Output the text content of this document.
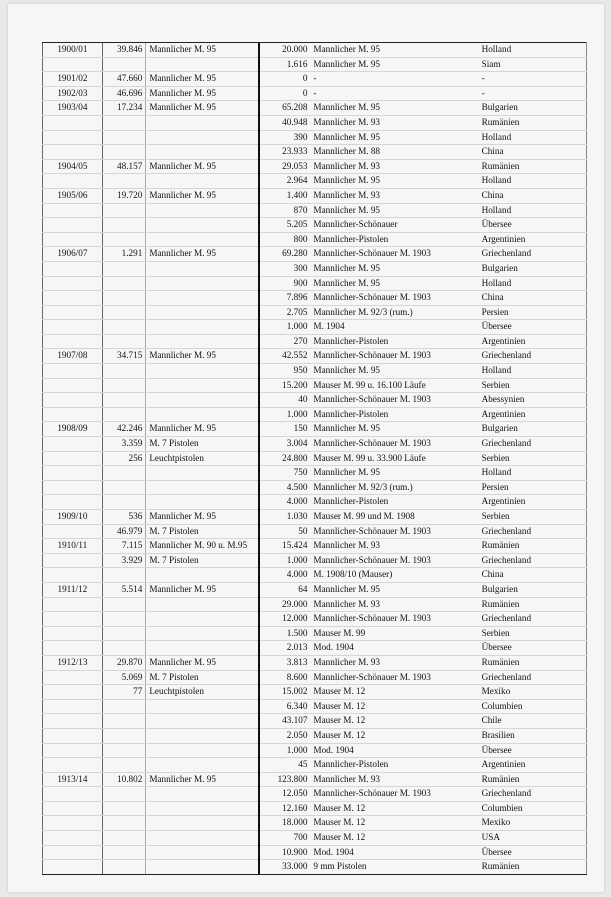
1900/01	39.846	Mannlicher M. 95	20.000	Mannlicher M. 95	Holland
			1.616	Mannlicher M. 95	Siam
1901/02	47.660	Mannlicher M. 95	0	-	-
1902/03	46.696	Mannlicher M. 95	0	-	-
1903/04	17.234	Mannlicher M. 95	65.208	Mannlicher M. 95	Bulgarien
			40.948	Mannlicher M. 93	Rumänien
			390	Mannlicher M. 95	Holland
			23.933	Mannlicher M. 88	China
1904/05	48.157	Mannlicher M. 95	29.053	Mannlicher M. 93	Rumänien
			2.964	Mannlicher M. 95	Holland
1905/06	19.720	Mannlicher M. 95	1.400	Mannlicher M. 93	China
			870	Mannlicher M. 95	Holland
			5.205	Mannlicher-Schönauer	Übersee
			800	Mannlicher-Pistolen	Argentinien
1906/07	1.291	Mannlicher M. 95	69.280	Mannlicher-Schönauer M. 1903	Griechenland
			300	Mannlicher M. 95	Bulgarien
			900	Mannlicher M. 95	Holland
			7.896	Mannlicher-Schönauer M. 1903	China
			2.705	Mannlicher M. 92/3 (rum.)	Persien
			1.000	M. 1904	Übersee
			270	Mannlicher-Pistolen	Argentinien
1907/08	34.715	Mannlicher M. 95	42.552	Mannlicher-Schönauer M. 1903	Griechenland
			950	Mannlicher M. 95	Holland
			15.200	Mauser M. 99 u. 16.100 Läufe	Serbien
			40	Mannlicher-Schönauer M. 1903	Abessynien
			1.000	Mannlicher-Pistolen	Argentinien
1908/09	42.246	Mannlicher M. 95	150	Mannlicher M. 95	Bulgarien
	3.359	M. 7 Pistolen	3.004	Mannlicher-Schönauer M. 1903	Griechenland
	256	Leuchtpistolen	24.800	Mauser M. 99 u. 33.900 Läufe	Serbien
			750	Mannlicher M. 95	Holland
			4.500	Mannlicher M. 92/3 (rum.)	Persien
			4.000	Mannlicher-Pistolen	Argentinien
1909/10	536	Mannlicher M. 95	1.030	Mauser M. 99 und M. 1908	Serbien
	46.979	M. 7 Pistolen	50	Mannlicher-Schönauer M. 1903	Griechenland
1910/11	7.115	Mannlicher M. 90 u. M.95	15.424	Mannlicher M. 93	Rumänien
	3.929	M. 7 Pistolen	1.000	Mannlicher-Schönauer M. 1903	Griechenland
			4.000	M. 1908/10 (Mauser)	China
1911/12	5.514	Mannlicher M. 95	64	Mannlicher M. 95	Bulgarien
			29.000	Mannlicher M. 93	Rumänien
			12.000	Mannlicher-Schönauer M. 1903	Griechenland
			1.500	Mauser M. 99	Serbien
			2.013	Mod. 1904	Übersee
1912/13	29.870	Mannlicher M. 95	3.813	Mannlicher M. 93	Rumänien
	5.069	M. 7 Pistolen	8.600	Mannlicher-Schönauer M. 1903	Griechenland
	77	Leuchtpistolen	15.002	Mauser M. 12	Mexiko
			6.340	Mauser M. 12	Columbien
			43.107	Mauser M. 12	Chile
			2.050	Mauser M. 12	Brasilien
			1.000	Mod. 1904	Übersee
			45	Mannlicher-Pistolen	Argentinien
1913/14	10.802	Mannlicher M. 95	123.800	Mannlicher M. 93	Rumänien
			12.050	Mannlicher-Schönauer M. 1903	Griechenland
			12.160	Mauser M. 12	Columbien
			18.000	Mauser M. 12	Mexiko
			700	Mauser M. 12	USA
			10.900	Mod. 1904	Übersee
			33.000	9 mm Pistolen	Rumänien
